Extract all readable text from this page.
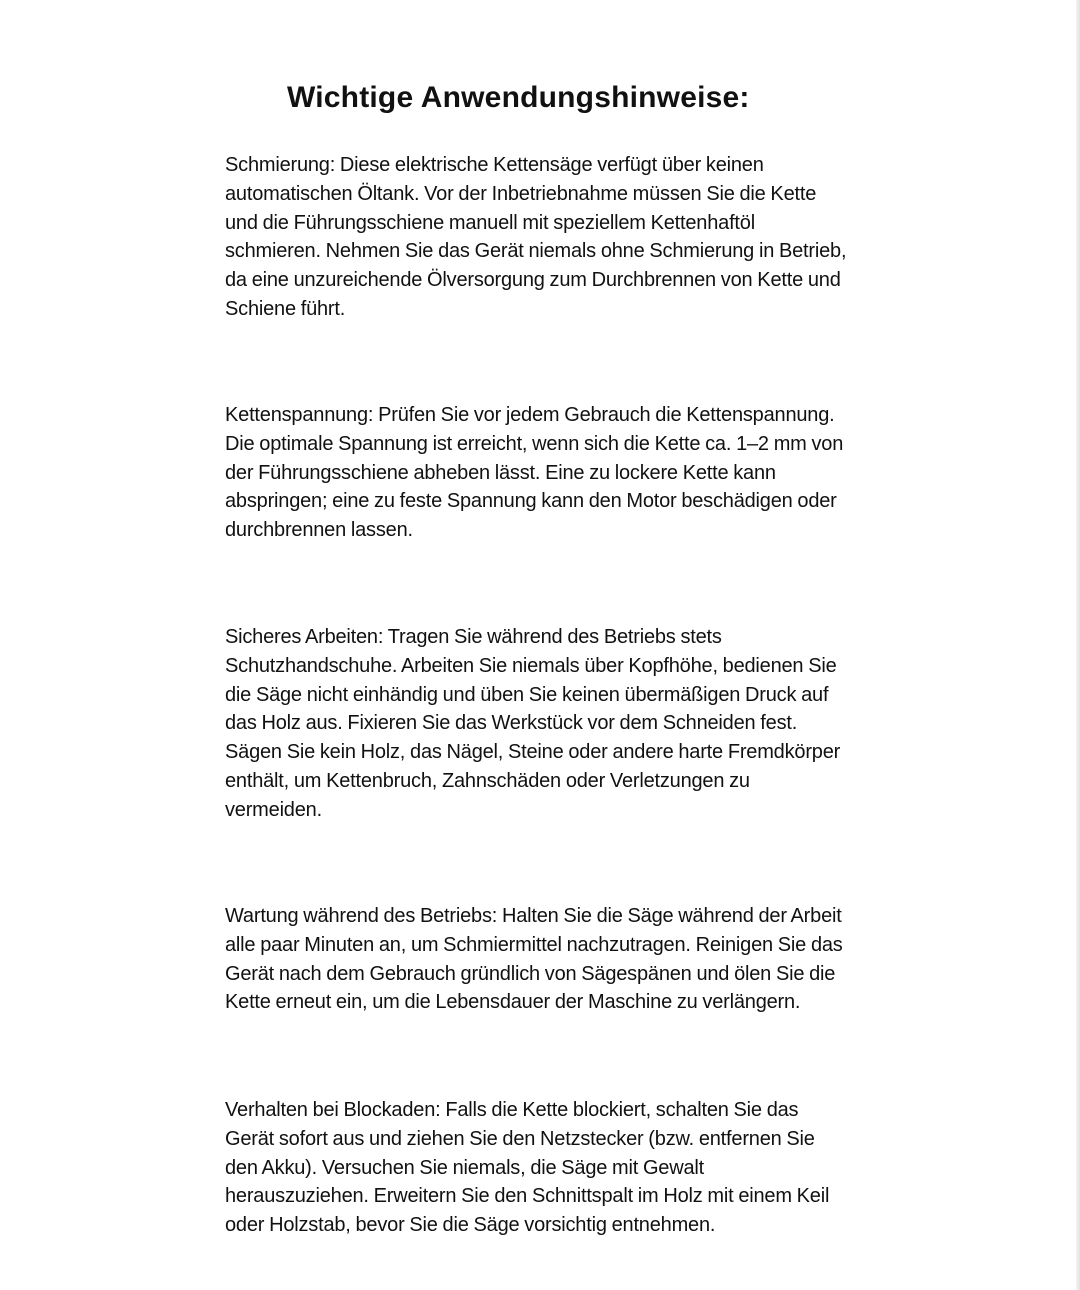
Wichtige Anwendungshinweise:

Schmierung: Diese elektrische Kettensäge verfügt über keinen
automatischen Öltank. Vor der Inbetriebnahme müssen Sie die Kette
und die Führungsschiene manuell mit speziellem Kettenhaftöl
schmieren. Nehmen Sie das Gerät niemals ohne Schmierung in Betrieb,
da eine unzureichende Ölversorgung zum Durchbrennen von Kette und
Schiene führt.

Kettenspannung: Prüfen Sie vor jedem Gebrauch die Kettenspannung.
Die optimale Spannung ist erreicht, wenn sich die Kette ca. 1–2 mm von
der Führungsschiene abheben lässt. Eine zu lockere Kette kann
abspringen; eine zu feste Spannung kann den Motor beschädigen oder
durchbrennen lassen.

Sicheres Arbeiten: Tragen Sie während des Betriebs stets
Schutzhandschuhe. Arbeiten Sie niemals über Kopfhöhe, bedienen Sie
die Säge nicht einhändig und üben Sie keinen übermäßigen Druck auf
das Holz aus. Fixieren Sie das Werkstück vor dem Schneiden fest.
Sägen Sie kein Holz, das Nägel, Steine oder andere harte Fremdkörper
enthält, um Kettenbruch, Zahnschäden oder Verletzungen zu
vermeiden.

Wartung während des Betriebs: Halten Sie die Säge während der Arbeit
alle paar Minuten an, um Schmiermittel nachzutragen. Reinigen Sie das
Gerät nach dem Gebrauch gründlich von Sägespänen und ölen Sie die
Kette erneut ein, um die Lebensdauer der Maschine zu verlängern.

Verhalten bei Blockaden: Falls die Kette blockiert, schalten Sie das
Gerät sofort aus und ziehen Sie den Netzstecker (bzw. entfernen Sie
den Akku). Versuchen Sie niemals, die Säge mit Gewalt
herauszuziehen. Erweitern Sie den Schnittspalt im Holz mit einem Keil
oder Holzstab, bevor Sie die Säge vorsichtig entnehmen.
